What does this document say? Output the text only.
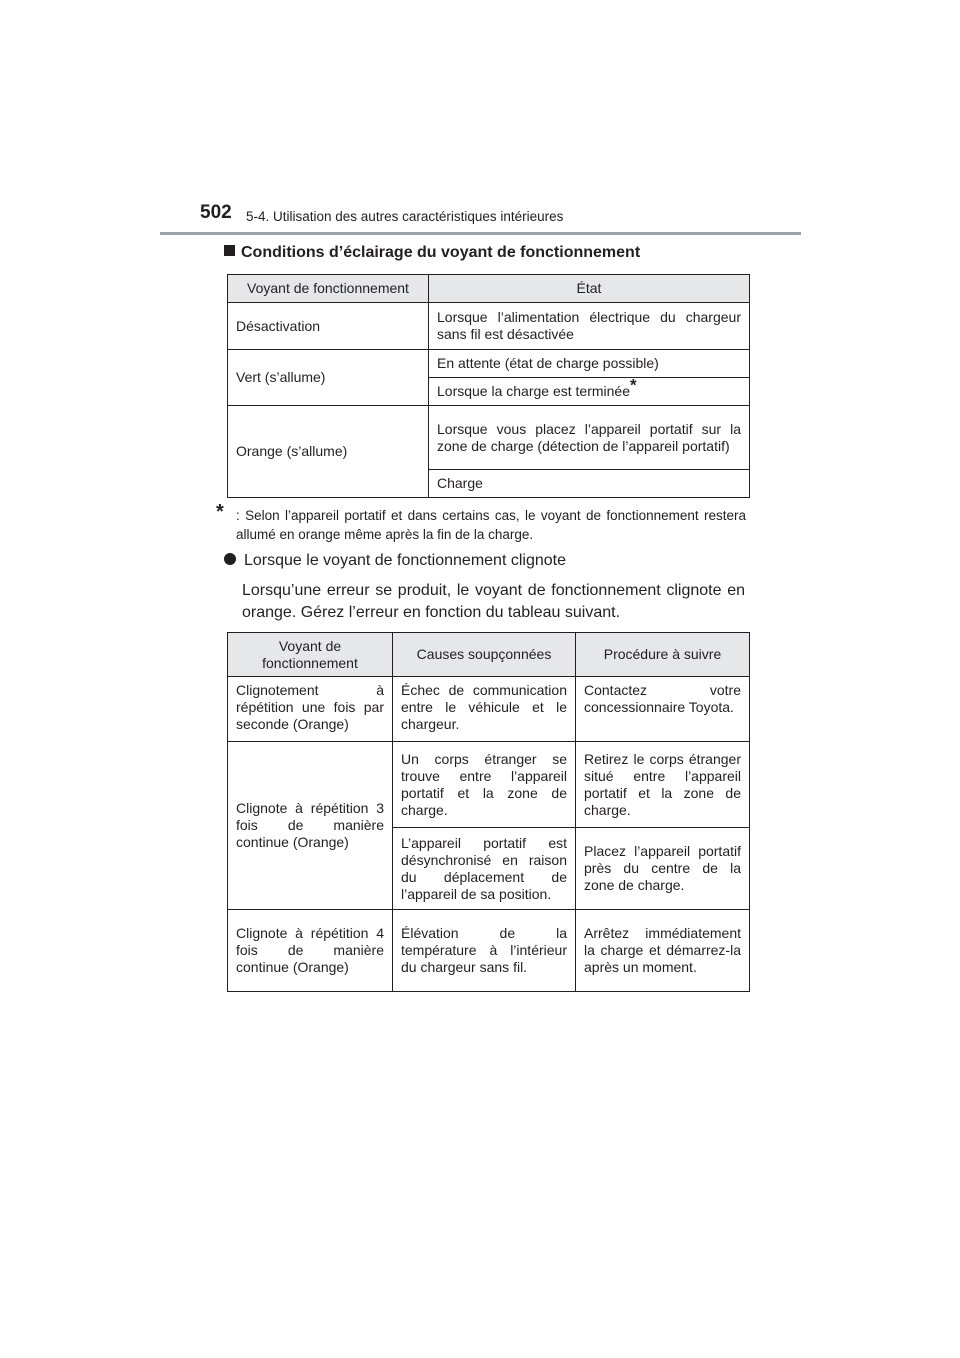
502 5-4. Utilisation des autres caractéristiques intérieures
Conditions d’éclairage du voyant de fonctionnement
Voyant de fonctionnement	État
Désactivation	Lorsque l’alimentation électrique du chargeur sans fil est désactivée
Vert (s’allume)	En attente (état de charge possible)
	Lorsque la charge est terminée*
Orange (s’allume)	Lorsque vous placez l’appareil portatif sur la zone de charge (détection de l’appareil portatif)
	Charge
* : Selon l’appareil portatif et dans certains cas, le voyant de fonctionnement restera allumé en orange même après la fin de la charge.
Lorsque le voyant de fonctionnement clignote
Lorsqu’une erreur se produit, le voyant de fonctionnement clignote en orange. Gérez l’erreur en fonction du tableau suivant.
Voyant de fonctionnement	Causes soupçonnées	Procédure à suivre
Clignotement à répétition une fois par seconde (Orange)	Échec de communication entre le véhicule et le chargeur.	Contactez votre concessionnaire Toyota.
Clignote à répétition 3 fois de manière continue (Orange)	Un corps étranger se trouve entre l’appareil portatif et la zone de charge.	Retirez le corps étranger situé entre l’appareil portatif et la zone de charge.
	L’appareil portatif est désynchronisé en raison du déplacement de l’appareil de sa position.	Placez l’appareil portatif près du centre de la zone de charge.
Clignote à répétition 4 fois de manière continue (Orange)	Élévation de la température à l’intérieur du chargeur sans fil.	Arrêtez immédiatement la charge et démarrez-la après un moment.
